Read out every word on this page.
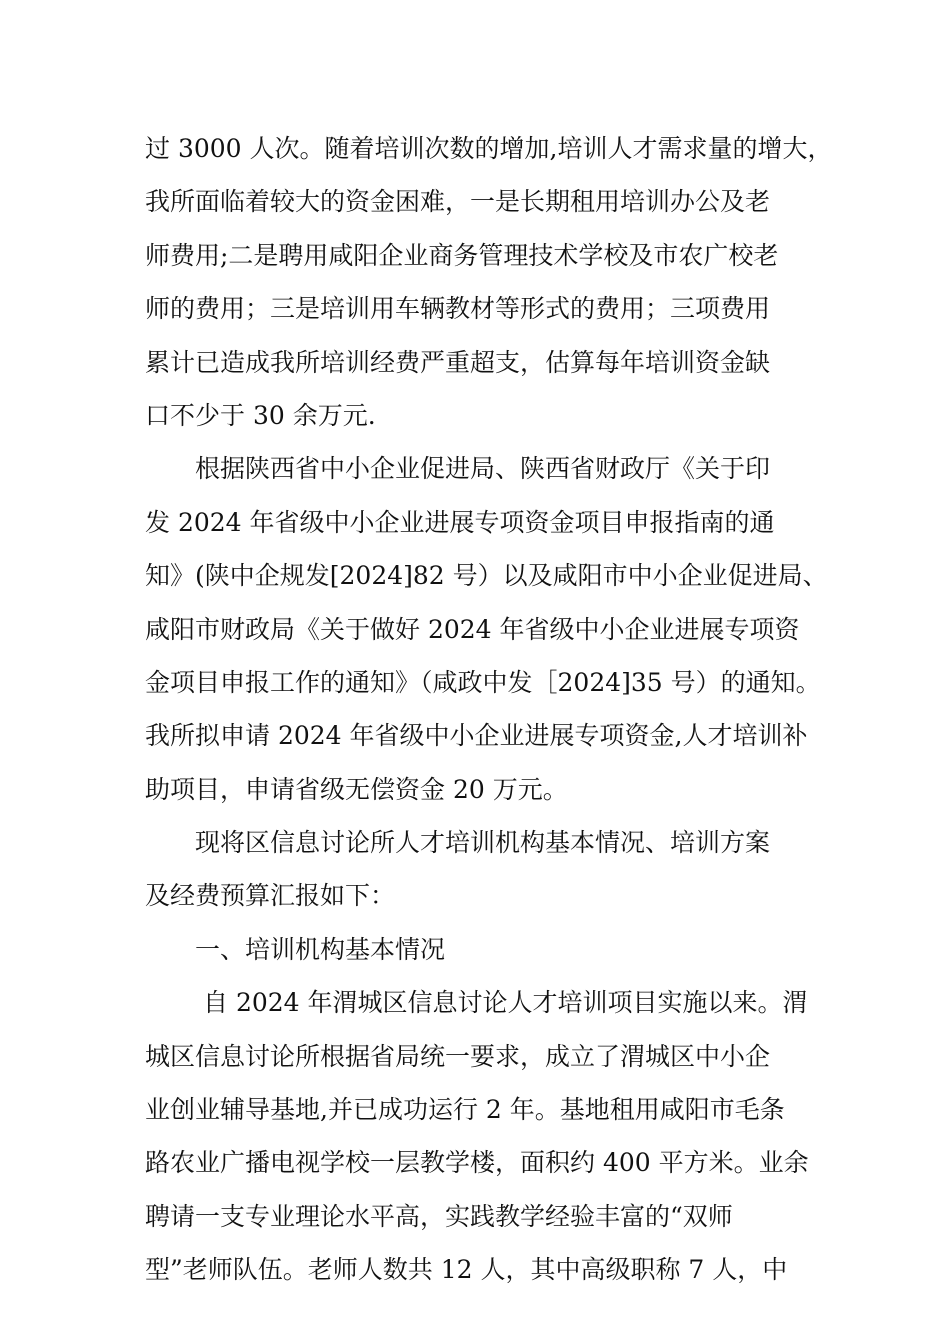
过 3000 人次。随着培训次数的增加,培训人才需求量的增大，
我所面临着较大的资金困难，一是长期租用培训办公及老
师费用;二是聘用咸阳企业商务管理技术学校及市农广校老
师的费用；三是培训用车辆教材等形式的费用；三项费用
累计已造成我所培训经费严重超支，估算每年培训资金缺
口不少于 30 余万元.
根据陕西省中小企业促进局、陕西省财政厅《关于印
发 2024 年省级中小企业进展专项资金项目申报指南的通
知》(陕中企规发[2024]82 号）以及咸阳市中小企业促进局、
咸阳市财政局《关于做好 2024 年省级中小企业进展专项资
金项目申报工作的通知》（咸政中发［2024]35 号）的通知。
我所拟申请 2024 年省级中小企业进展专项资金,人才培训补
助项目，申请省级无偿资金 20 万元。
现将区信息讨论所人才培训机构基本情况、培训方案
及经费预算汇报如下：
一、培训机构基本情况
自 2024 年渭城区信息讨论人才培训项目实施以来。渭
城区信息讨论所根据省局统一要求，成立了渭城区中小企
业创业辅导基地,并已成功运行 2 年。基地租用咸阳市毛条
路农业广播电视学校一层教学楼，面积约 400 平方米。业余
聘请一支专业理论水平高，实践教学经验丰富的“双师
型”老师队伍。老师人数共 12 人，其中高级职称 7 人，中
